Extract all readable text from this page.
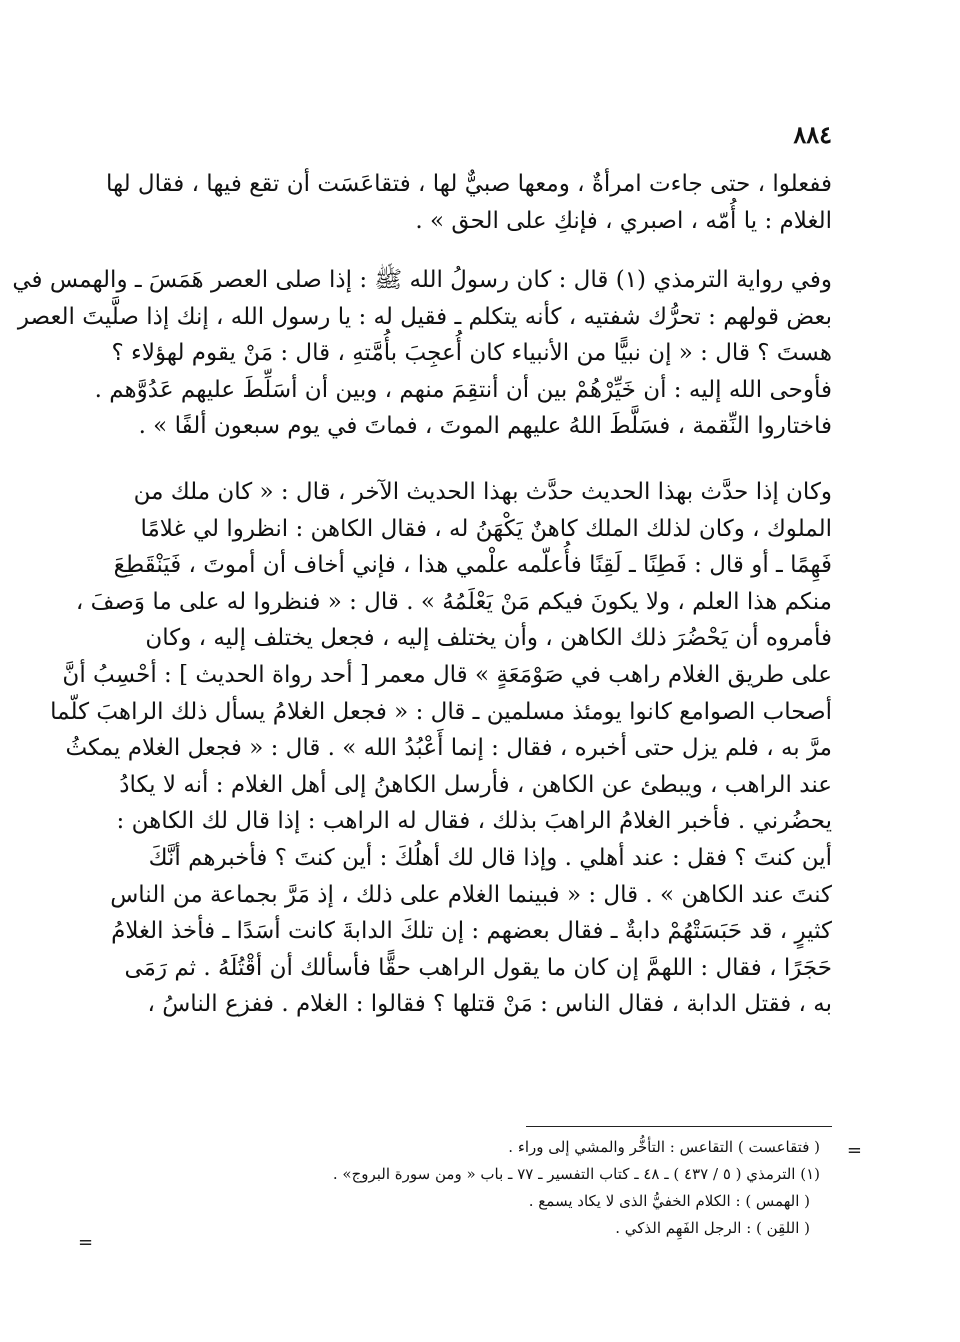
٨٨٤
ففعلوا ، حتى جاءت امرأةٌ ، ومعها صبيٌّ لها ، فتقاعَسَت أن تقع فيها ، فقال لها
الغلام : يا أُمّه ، اصبري ، فإنكِ على الحق » .
وفي رواية الترمذي (١) قال : كان رسولُ الله ﷺ : إذا صلى العصر هَمَسَ ـ والهمس في
بعض قولهم : تحرُّك شفتيه ، كأنه يتكلم ـ فقيل له : يا رسول الله ، إنك إذا صلَّيتَ العصر
هستَ ؟ قال : « إن نبيًّا من الأنبياء كان أُعجِبَ بأُمَّتهِ ، قال : مَنْ يقوم لهؤلاء ؟
فأوحى الله إليه : أن خَيِّرْهُمْ بين أن أنتقِمَ منهم ، وبين أن أسَلِّطَ عليهم عَدُوَّهم .
فاختاروا النِّقمة ، فسَلَّطَ اللهُ عليهم الموتَ ، فماتَ في يوم سبعون ألفًا » .
وكان إذا حدَّث بهذا الحديث حدَّث بهذا الحديث الآخر ، قال : « كان ملك من
الملوك ، وكان لذلك الملك كاهنٌ يَكْهَنُ له ، فقال الكاهن : انظروا لي غلامًا
فَهِمًا ـ أو قال : فَطِنًا ـ لَقِنًا فأُعلّمه علْمي هذا ، فإني أخاف أن أموتَ ، فَيَنْقَطِعَ
منكم هذا العلم ، ولا يكونَ فيكم مَنْ يَعْلَمُهُ » . قال : « فنظروا له على ما وَصفَ ،
فأمروه أن يَحْضُرَ ذلك الكاهن ، وأن يختلف إليه ، فجعل يختلف إليه ، وكان
على طريق الغلام راهب في صَوْمَعَةٍ » قال معمر [ أحد رواة الحديث ] : أحْسِبُ أنَّ
أصحاب الصوامع كانوا يومئذ مسلمين ـ قال : « فجعل الغلامُ يسأل ذلك الراهبَ كلّما
مرَّ به ، فلم يزل حتى أخبره ، فقال : إنما أَعْبُدُ الله » . قال : « فجعل الغلام يمكثُ
عند الراهب ، ويبطئ عن الكاهن ، فأرسل الكاهنُ إلى أهل الغلام : أنه لا يكادُ
يحضُرني . فأخبر الغلامُ الراهبَ بذلك ، فقال له الراهب : إذا قال لك الكاهن :
أين كنتَ ؟ فقل : عند أهلي . وإذا قال لك أهلُكَ : أين كنتَ ؟ فأخبرهم أنَّكَ
كنتَ عند الكاهن » . قال : « فبينما الغلام على ذلك ، إذ مَرَّ بجماعة من الناس
كثيرٍ ، قد حَبَسَتْهُمْ دابةٌ ـ فقال بعضهم : إن تلكَ الدابةَ كانت أسَدًا ـ فأخذ الغلامُ
حَجَرًا ، فقال : اللهمَّ إن كان ما يقول الراهب حقًّا فأسألك أن أقْتُلَهُ . ثم رَمَى
به ، فقتل الدابة ، فقال الناس : مَنْ قتلها ؟ فقالوا : الغلام . ففزع الناسُ ،
( فتقاعست ) التقاعس : التأخُّر والمشي إلى وراء .
(١) الترمذي ( ٥ / ٤٣٧ ) ـ ٤٨ ـ كتاب التفسير ـ ٧٧ ـ باب « ومن سورة البروج» .
( الهمس ) : الكلام الخفيُّ الذى لا يكاد يسمع .
( اللقِن ) : الرجل الفَهِم الذكي .
=
=
